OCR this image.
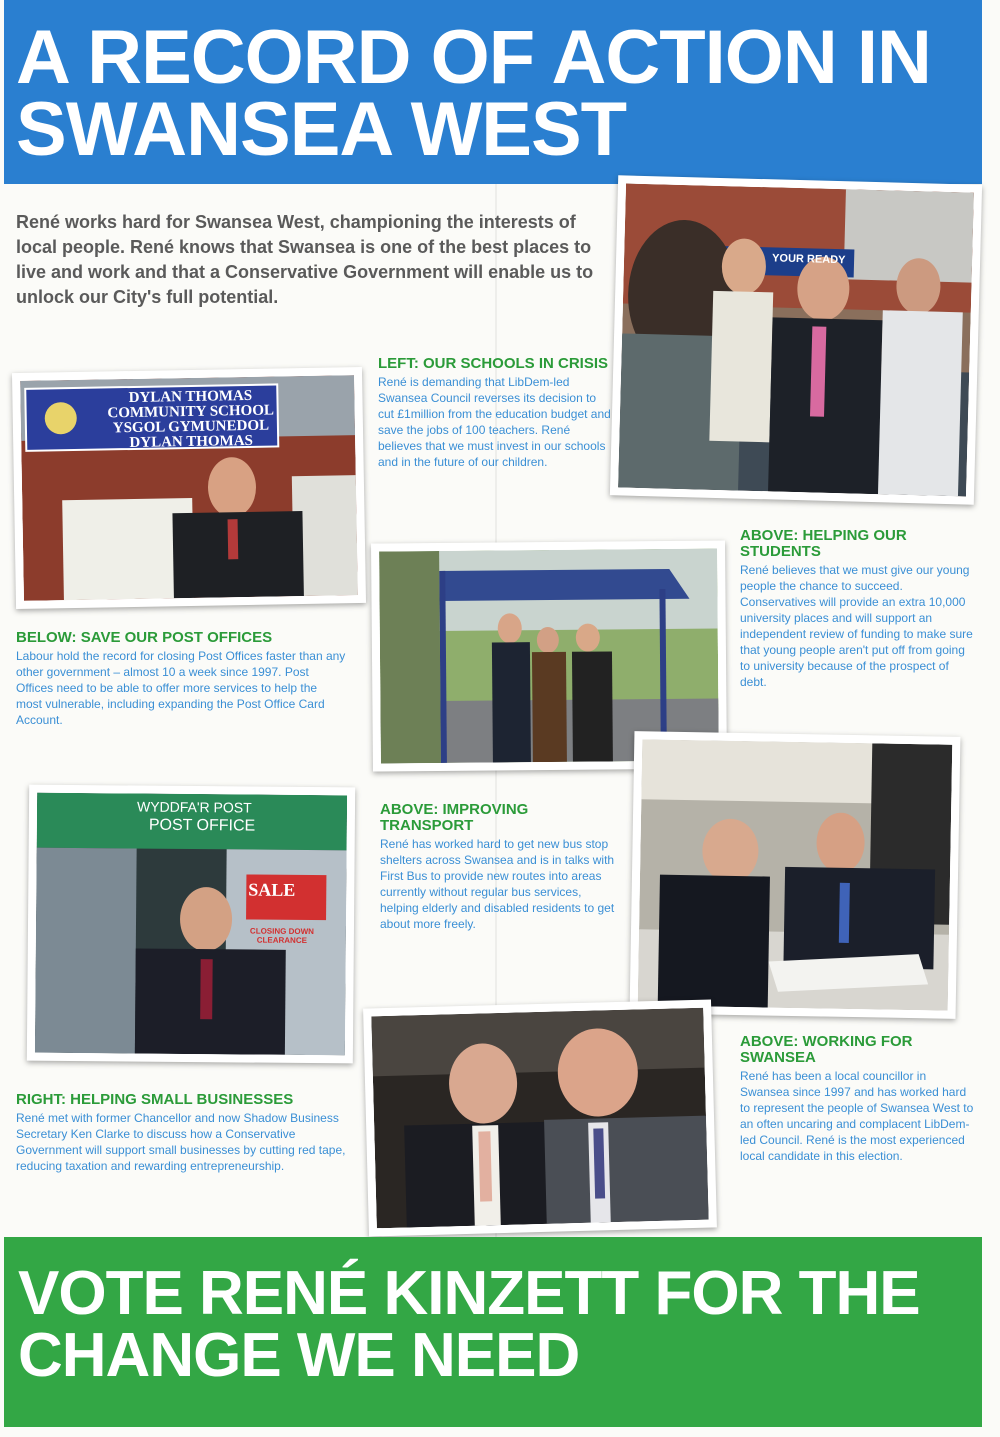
A RECORD OF ACTION IN SWANSEA WEST

René works hard for Swansea West, championing the interests of local people. René knows that Swansea is one of the best places to live and work and that a Conservative Government will enable us to unlock our City's full potential.

YOUR READY
LEFT: OUR SCHOOLS IN CRISIS

René is demanding that LibDem-led Swansea Council reverses its decision to cut £1million from the education budget and save the jobs of 100 teachers. René believes that we must invest in our schools and in the future of our children.

DYLAN THOMAS
COMMUNITY SCHOOL
YSGOL GYMUNEDOL
DYLAN THOMAS
ABOVE: HELPING OUR STUDENTS

René believes that we must give our young people the chance to succeed. Conservatives will provide an extra 10,000 university places and will support an independent review of funding to make sure that young people aren't put off from going to university because of the prospect of debt.

BELOW: SAVE OUR POST OFFICES

Labour hold the record for closing Post Offices faster than any other government – almost 10 a week since 1997. Post Offices need to be able to offer more services to help the most vulnerable, including expanding the Post Office Card Account.

WYDDFA'R POST
POST OFFICE
SALE
CLOSING DOWN CLEARANCE
ABOVE: IMPROVING TRANSPORT

René has worked hard to get new bus stop shelters across Swansea and is in talks with First Bus to provide new routes into areas currently without regular bus services, helping elderly and disabled residents to get about more freely.

ABOVE: WORKING FOR SWANSEA

René has been a local councillor in Swansea since 1997 and has worked hard to represent the people of Swansea West to an often uncaring and complacent LibDem-led Council. René is the most experienced local candidate in this election.

RIGHT: HELPING SMALL BUSINESSES

René met with former Chancellor and now Shadow Business Secretary Ken Clarke to discuss how a Conservative Government will support small businesses by cutting red tape, reducing taxation and rewarding entrepreneurship.

VOTE RENÉ KINZETT FOR THE CHANGE WE NEED
